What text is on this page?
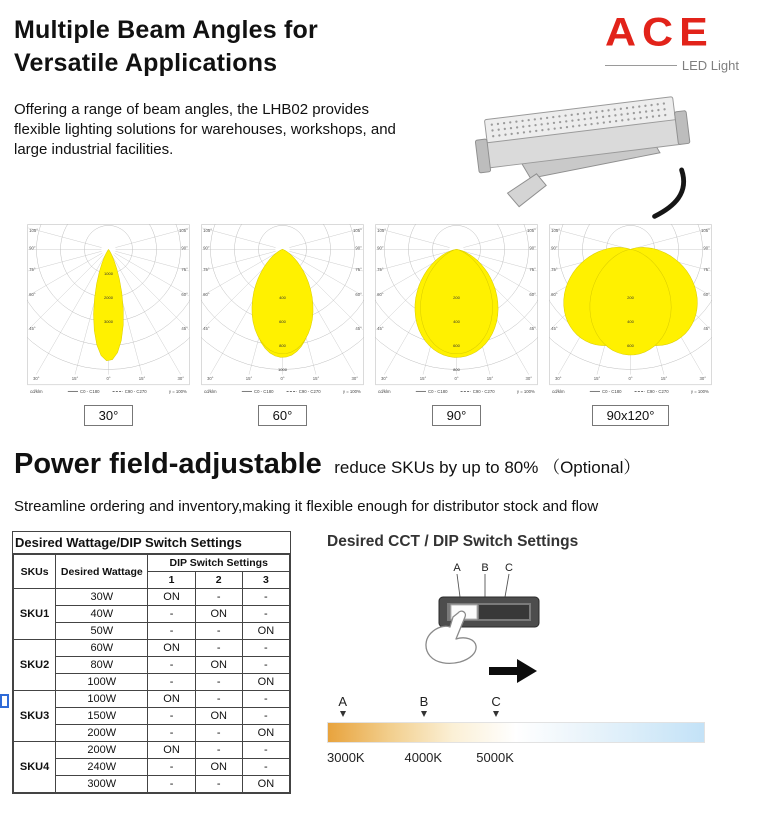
Multiple Beam Angles for
Versatile Applications

Offering a range of beam angles, the LHB02 provides flexible lighting solutions for warehouses, workshops, and large industrial facilities.

ACE
LED Light
1000
2000
3000
105°
90°
75°
60°
45°
30°	15°	0°	15°	30°
45°
60°
75°
90°
105°
cd/klm	C0 - C180	C90 - C270	γ = 100%
400
600
800
1000
105°
90°
75°
60°
45°
30°	15°	0°	15°	30°
45°
60°
75°
90°
105°
cd/klm	C0 - C180	C90 - C270	γ = 100%
200
400
600
800
105°
90°
75°
60°
45°
30°	15°	0°	15°	30°
45°
60°
75°
90°
105°
cd/klm	C0 - C180	C90 - C270	γ = 100%
200
400
600
105°
90°
75°
60°
45°
30°	15°	0°	15°	30°
45°
60°
75°
90°
105°
cd/klm	C0 - C180	C90 - C270	γ = 100%
30°	60°	90°	90x120°
Power field-adjustable reduce SKUs by up to 80% （Optional）

Streamline ordering and inventory,making it flexible enough for distributor stock and flow

Desired Wattage/DIP Switch Settings
SKUs	Desired Wattage	DIP Switch Settings		
		1	2	3
SKU1	30W	ON	-	-
	40W	-	ON	-
	50W	-	-	ON
SKU2	60W	ON	-	-
	80W	-	ON	-
	100W	-	-	ON
SKU3	100W	ON	-	-
	150W	-	ON	-
	200W	-	-	ON
SKU4	200W	ON	-	-
	240W	-	ON	-
	300W	-	-	ON
Desired CCT / DIP Switch Settings
A B C
A	B	C
3000K	4000K	5000K
